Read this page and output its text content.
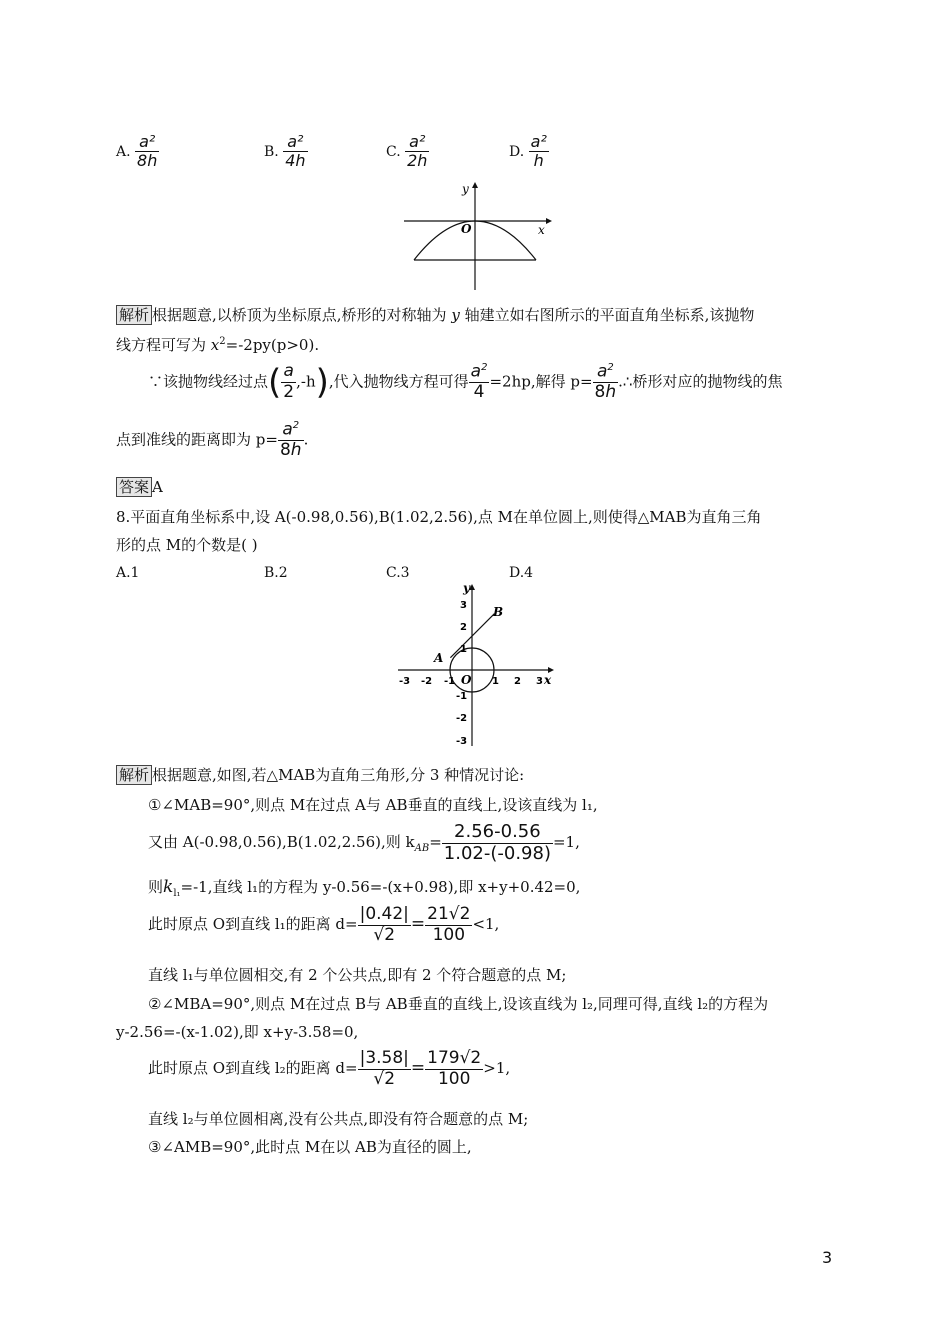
A. $\frac{\text{a²}}{8h}$	B. $\frac{\text{a²}}{4h}$	C. $\frac{\text{a²}}{2h}$	D. $\frac{\text{a²}}{h}$
y
x
O
解析 根据题意,以桥顶为坐标原点,桥形的对称轴为 y 轴建立如右图所示的平面直角坐标系,该抛物
线方程可写为 $x^2=-2py(p>0)$.
∵该抛物线经过点( $\frac{a}{2} ,-h$),代入抛物线方程可得 $\frac{a^2}{4} =2hp$,解得 $p= \frac{a^2}{8h}$ .∴桥形对应的抛物线的焦
点到准线的距离即为 $p= \frac{a^2}{8h}$ .
答案 A
8.平面直角坐标系中,设 A(-0.98,0.56),B(1.02,2.56),点 M在单位圆上,则使得△MAB为直角三角
形的点 M的个数是( )
A.1	B.2	C.3	D.4
-3 -2 -1	1 2 3
3
2
1
-1
-2
-3
A
B
O	x
y
解析 根据题意,如图,若△MAB为直角三角形,分 3 种情况讨论:
①∠MAB=90°,则点 M在过点 A与 AB垂直的直线上,设该直线为 l₁,
又由 A(-0.98,0.56),B(1.02,2.56),则 $k_{AB}= \frac{2.56-0.56}{1.02-(-0.98)} =1$,
则$k_{l_1}=-1$,直线 l₁的方程为 y-0.56=-(x+0.98),即 x+y+0.42=0,
此时原点 O到直线 l₁的距离 $d= \frac{|0.42|}{√2} = \frac{21√2}{100} <1$,
直线 l₁与单位圆相交,有 2 个公共点,即有 2 个符合题意的点 M;
②∠MBA=90°,则点 M在过点 B与 AB垂直的直线上,设该直线为 l₂,同理可得,直线 l₂的方程为
y-2.56=-(x-1.02),即 x+y-3.58=0,
此时原点 O到直线 l₂的距离 $d= \frac{|3.58|}{√2} = \frac{179√2}{100} >1$,
直线 l₂与单位圆相离,没有公共点,即没有符合题意的点 M;
③∠AMB=90°,此时点 M在以 AB为直径的圆上,
3
